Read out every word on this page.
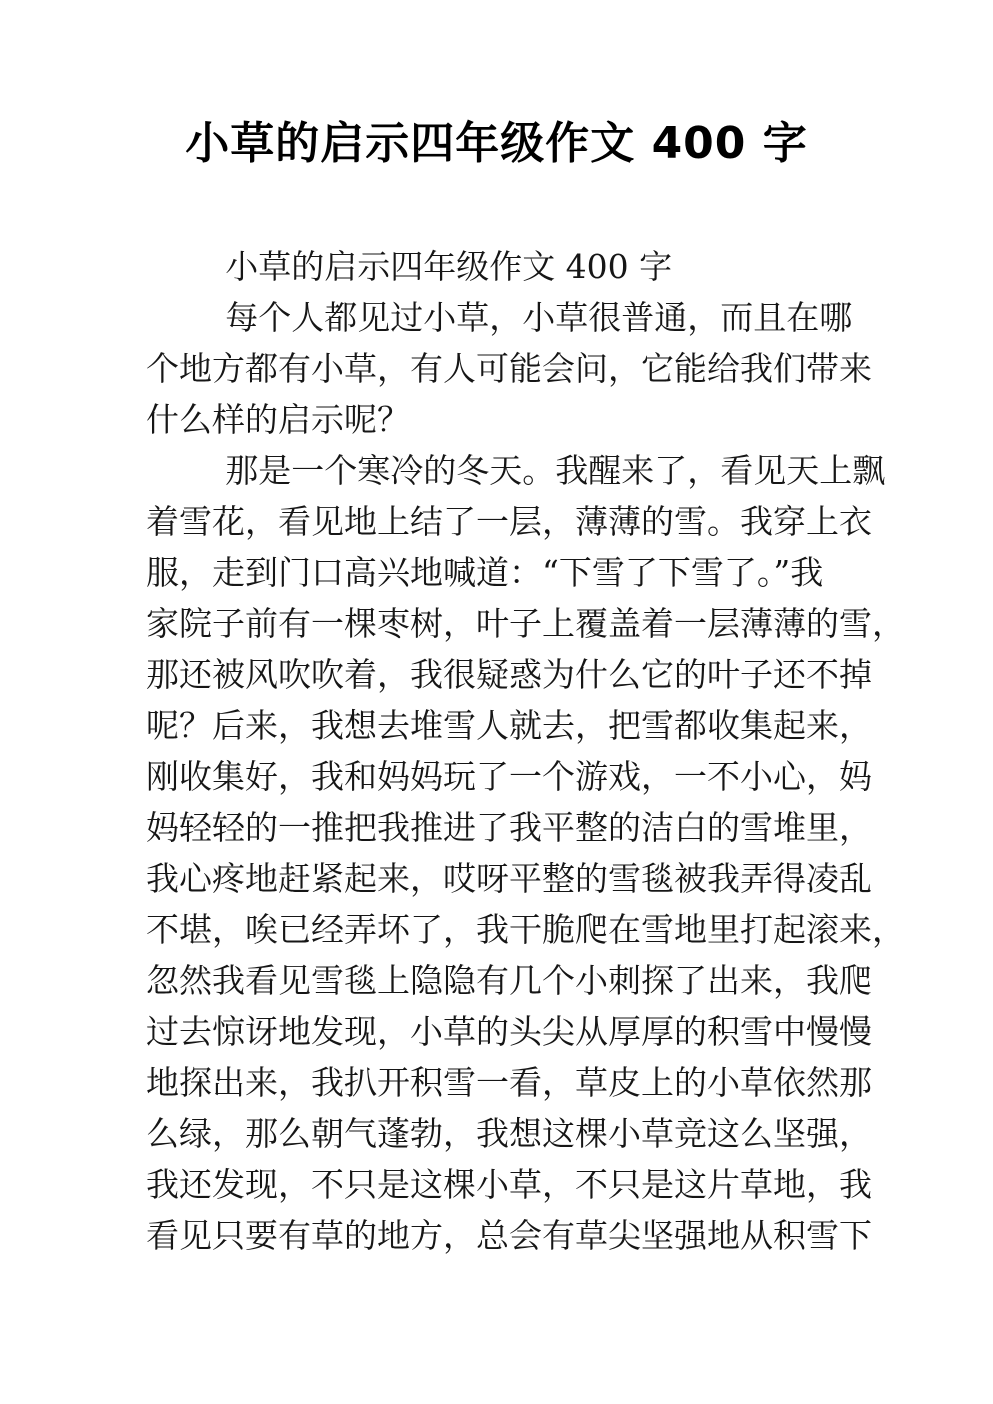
小草的启示四年级作文 400 字
小草的启示四年级作文 400 字
每个人都见过小草，小草很普通，而且在哪
个地方都有小草，有人可能会问，它能给我们带来
什么样的启示呢？
那是一个寒冷的冬天。我醒来了，看见天上飘
着雪花，看见地上结了一层，薄薄的雪。我穿上衣
服，走到门口高兴地喊道：“下雪了下雪了。”我
家院子前有一棵枣树，叶子上覆盖着一层薄薄的雪，
那还被风吹吹着，我很疑惑为什么它的叶子还不掉
呢？后来，我想去堆雪人就去，把雪都收集起来，
刚收集好，我和妈妈玩了一个游戏，一不小心，妈
妈轻轻的一推把我推进了我平整的洁白的雪堆里，
我心疼地赶紧起来，哎呀平整的雪毯被我弄得凌乱
不堪，唉已经弄坏了，我干脆爬在雪地里打起滚来，
忽然我看见雪毯上隐隐有几个小刺探了出来，我爬
过去惊讶地发现，小草的头尖从厚厚的积雪中慢慢
地探出来，我扒开积雪一看，草皮上的小草依然那
么绿，那么朝气蓬勃，我想这棵小草竞这么坚强，
我还发现，不只是这棵小草，不只是这片草地，我
看见只要有草的地方，总会有草尖坚强地从积雪下
